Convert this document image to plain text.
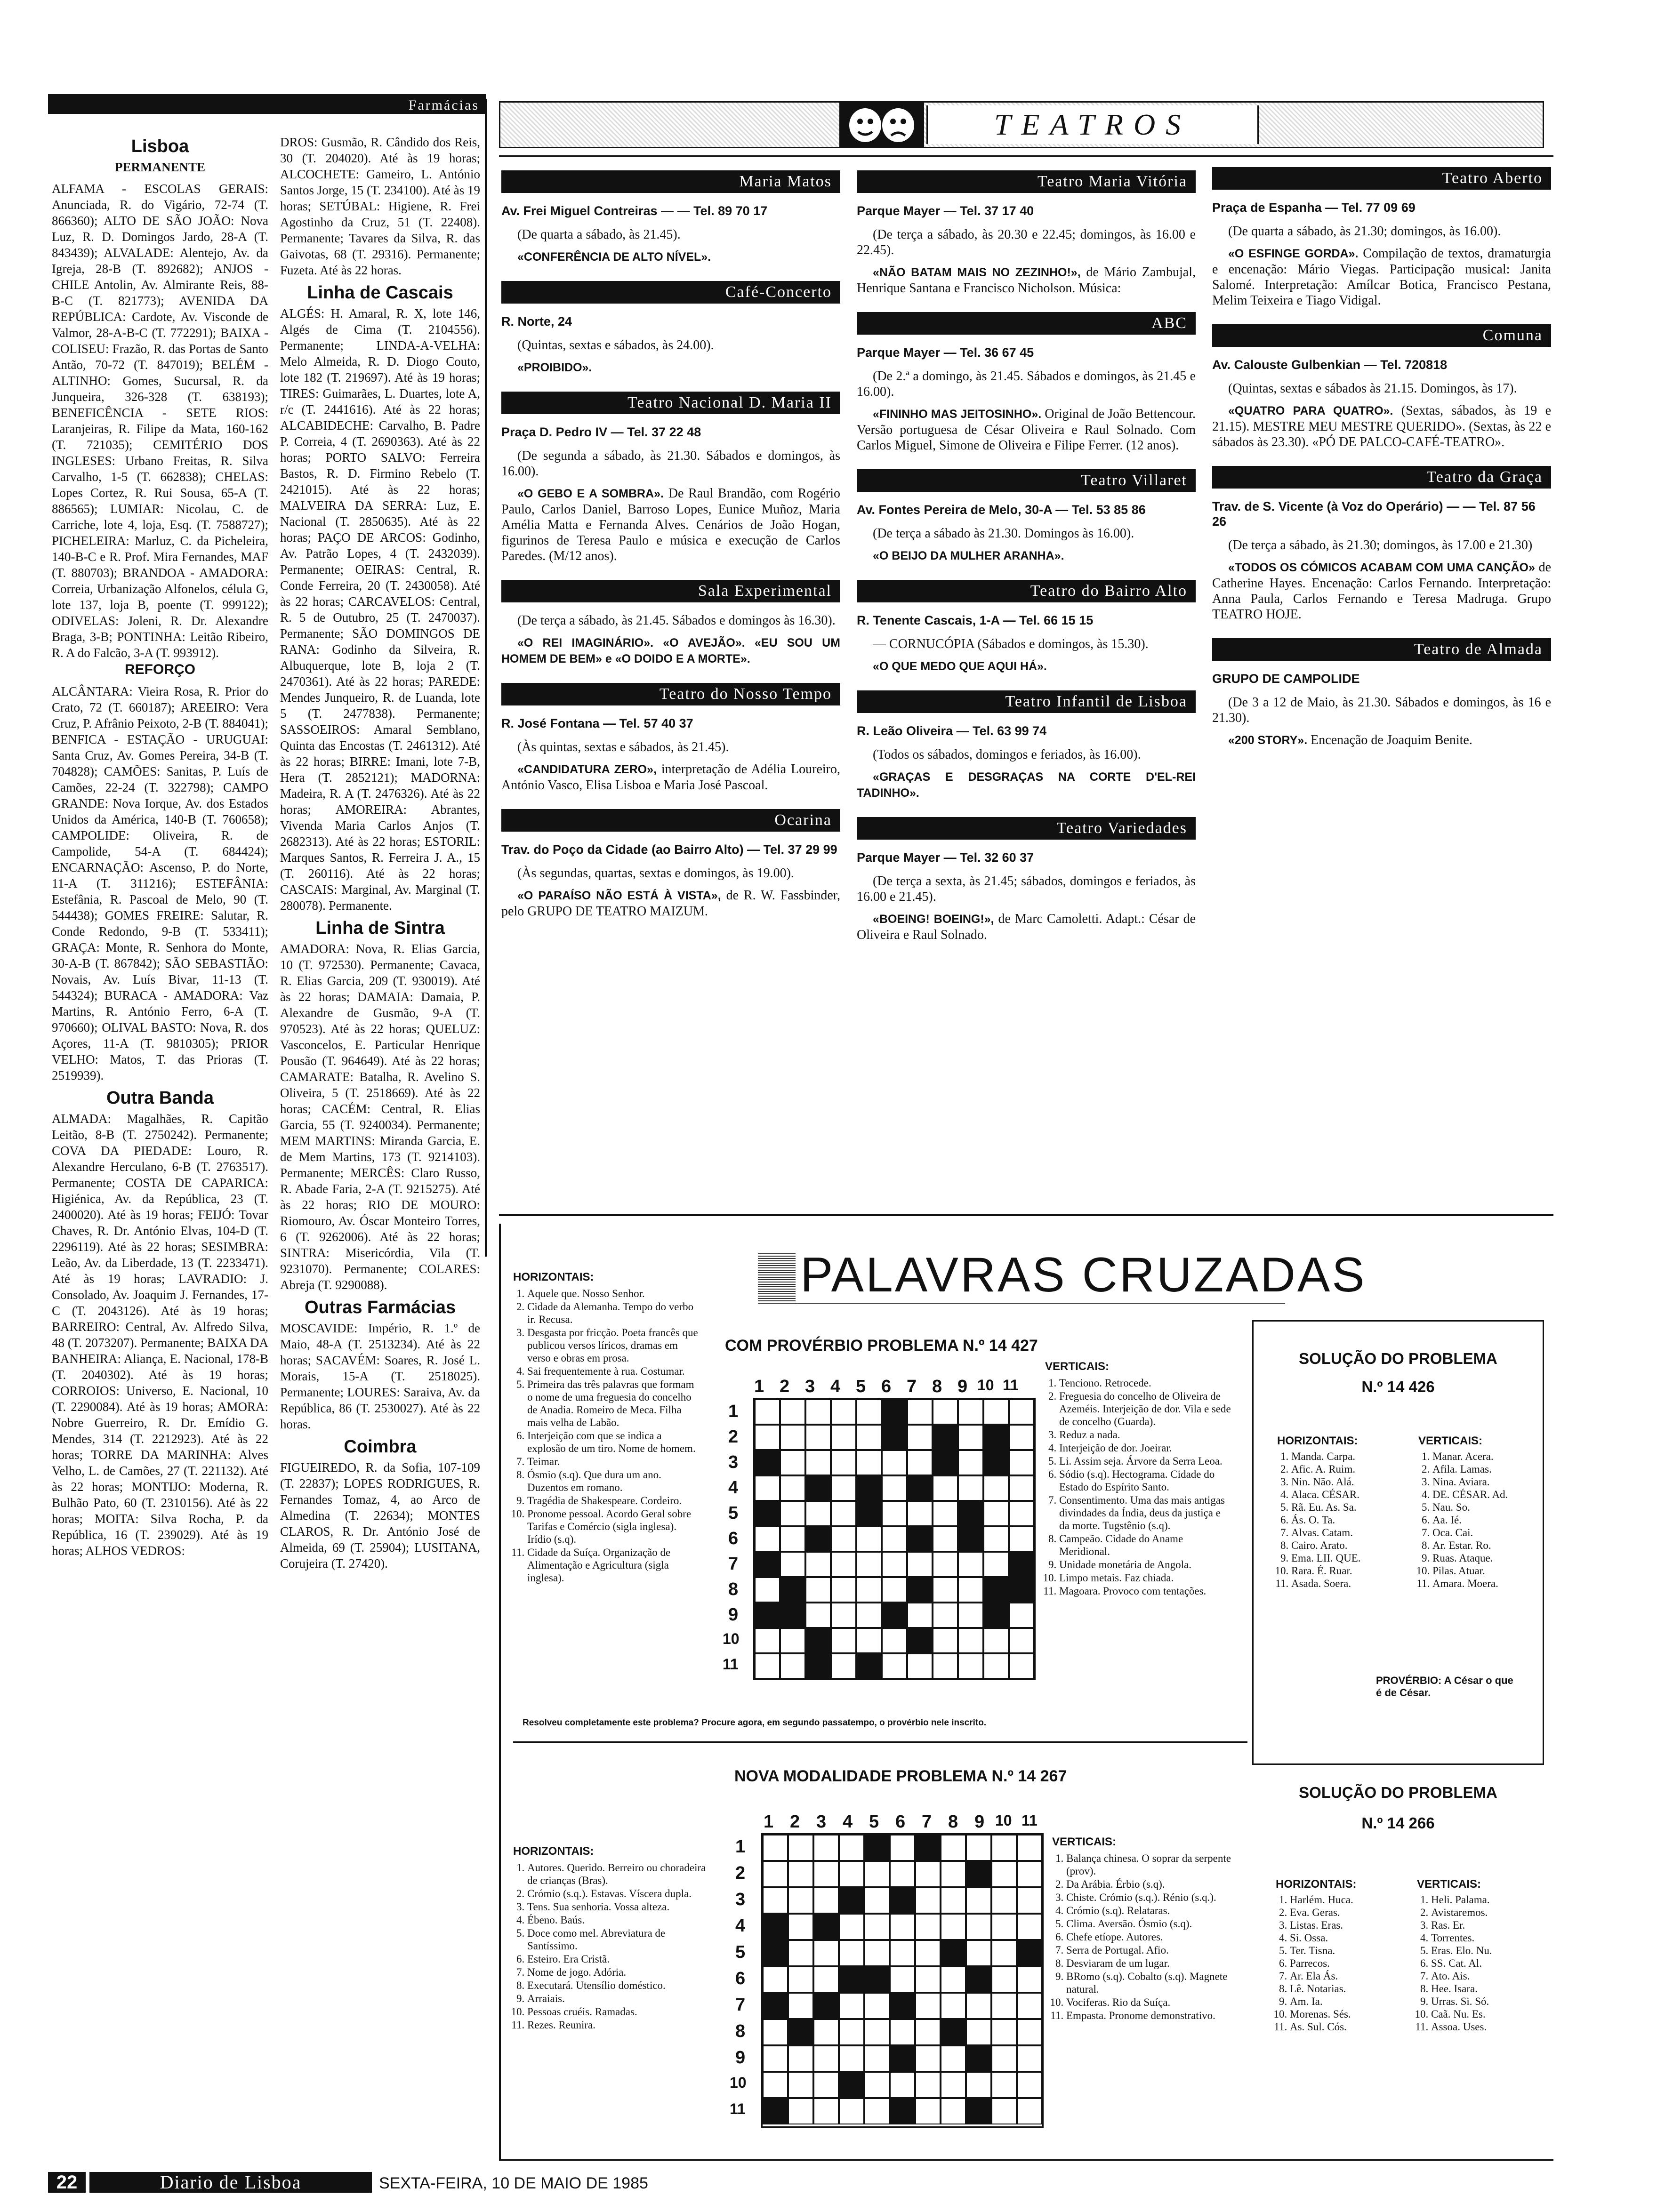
Farmácias
Lisboa
PERMANENTE
ALFAMA - ESCOLAS GERAIS: Anunciada, R. do Vigário, 72-74 (T. 866360); ALTO DE SÃO JOÃO: Nova Luz, R. D. Domingos Jardo, 28-A (T. 843439); ALVALADE: Alentejo, Av. da Igreja, 28-B (T. 892682); ANJOS - CHILE Antolin, Av. Almirante Reis, 88-B-C (T. 821773); AVENIDA DA REPÚBLICA: Cardote, Av. Visconde de Valmor, 28-A-B-C (T. 772291); BAIXA - COLISEU: Frazão, R. das Portas de Santo Antão, 70-72 (T. 847019); BELÉM - ALTINHO: Gomes, Sucursal, R. da Junqueira, 326-328 (T. 638193); BENEFICÊNCIA - SETE RIOS: Laranjeiras, R. Filipe da Mata, 160-162 (T. 721035); CEMITÉRIO DOS INGLESES: Urbano Freitas, R. Silva Carvalho, 1-5 (T. 662838); CHELAS: Lopes Cortez, R. Rui Sousa, 65-A (T. 886565); LUMIAR: Nicolau, C. de Carriche, lote 4, loja, Esq. (T. 7588727); PICHELEIRA: Marluz, C. da Picheleira, 140-B-C e R. Prof. Mira Fernandes, MAF (T. 880703); BRANDOA - AMADORA: Correia, Urbanização Alfonelos, célula G, lote 137, loja B, poente (T. 999122); ODIVELAS: Joleni, R. Dr. Alexandre Braga, 3-B; PONTINHA: Leitão Ribeiro, R. A do Falcão, 3-A (T. 993912).
REFORÇO
ALCÂNTARA: Vieira Rosa, R. Prior do Crato, 72 (T. 660187); AREEIRO: Vera Cruz, P. Afrânio Peixoto, 2-B (T. 884041); BENFICA - ESTAÇÃO - URUGUAI: Santa Cruz, Av. Gomes Pereira, 34-B (T. 704828); CAMÕES: Sanitas, P. Luís de Camões, 22-24 (T. 322798); CAMPO GRANDE: Nova Iorque, Av. dos Estados Unidos da América, 140-B (T. 760658); CAMPOLIDE: Oliveira, R. de Campolide, 54-A (T. 684424); ENCARNAÇÃO: Ascenso, P. do Norte, 11-A (T. 311216); ESTEFÂNIA: Estefânia, R. Pascoal de Melo, 90 (T. 544438); GOMES FREIRE: Salutar, R. Conde Redondo, 9-B (T. 533411); GRAÇA: Monte, R. Senhora do Monte, 30-A-B (T. 867842); SÃO SEBASTIÃO: Novais, Av. Luís Bivar, 11-13 (T. 544324); BURACA - AMADORA: Vaz Martins, R. António Ferro, 6-A (T. 970660); OLIVAL BASTO: Nova, R. dos Açores, 11-A (T. 9810305); PRIOR VELHO: Matos, T. das Prioras (T. 2519939).
Outra Banda
ALMADA: Magalhães, R. Capitão Leitão, 8-B (T. 2750242). Permanente; COVA DA PIEDADE: Louro, R. Alexandre Herculano, 6-B (T. 2763517). Permanente; COSTA DE CAPARICA: Higiénica, Av. da República, 23 (T. 2400020). Até às 19 horas; FEIJÓ: Tovar Chaves, R. Dr. António Elvas, 104-D (T. 2296119). Até às 22 horas; SESIMBRA: Leão, Av. da Liberdade, 13 (T. 2233471). Até às 19 horas; LAVRADIO: J. Consolado, Av. Joaquim J. Fernandes, 17-C (T. 2043126). Até às 19 horas; BARREIRO: Central, Av. Alfredo Silva, 48 (T. 2073207). Permanente; BAIXA DA BANHEIRA: Aliança, E. Nacional, 178-B (T. 2040302). Até às 19 horas; CORROIOS: Universo, E. Nacional, 10 (T. 2290084). Até às 19 horas; AMORA: Nobre Guerreiro, R. Dr. Emídio G. Mendes, 314 (T. 2212923). Até às 22 horas; TORRE DA MARINHA: Alves Velho, L. de Camões, 27 (T. 221132). Até às 22 horas; MONTIJO: Moderna, R. Bulhão Pato, 60 (T. 2310156). Até às 22 horas; MOITA: Silva Rocha, P. da República, 16 (T. 239029). Até às 19 horas; ALHOS VEDROS:
DROS: Gusmão, R. Cândido dos Reis, 30 (T. 204020). Até às 19 horas; ALCOCHETE: Gameiro, L. António Santos Jorge, 15 (T. 234100). Até às 19 horas; SETÚBAL: Higiene, R. Frei Agostinho da Cruz, 51 (T. 22408). Permanente; Tavares da Silva, R. das Gaivotas, 68 (T. 29316). Permanente; Fuzeta. Até às 22 horas.
Linha de Cascais
ALGÉS: H. Amaral, R. X, lote 146, Algés de Cima (T. 2104556). Permanente; LINDA-A-VELHA: Melo Almeida, R. D. Diogo Couto, lote 182 (T. 219697). Até às 19 horas; TIRES: Guimarães, L. Duartes, lote A, r/c (T. 2441616). Até às 22 horas; ALCABIDECHE: Carvalho, B. Padre P. Correia, 4 (T. 2690363). Até às 22 horas; PORTO SALVO: Ferreira Bastos, R. D. Firmino Rebelo (T. 2421015). Até às 22 horas; MALVEIRA DA SERRA: Luz, E. Nacional (T. 2850635). Até às 22 horas; PAÇO DE ARCOS: Godinho, Av. Patrão Lopes, 4 (T. 2432039). Permanente; OEIRAS: Central, R. Conde Ferreira, 20 (T. 2430058). Até às 22 horas; CARCAVELOS: Central, R. 5 de Outubro, 25 (T. 2470037). Permanente; SÃO DOMINGOS DE RANA: Godinho da Silveira, R. Albuquerque, lote B, loja 2 (T. 2470361). Até às 22 horas; PAREDE: Mendes Junqueiro, R. de Luanda, lote 5 (T. 2477838). Permanente; SASSOEIROS: Amaral Semblano, Quinta das Encostas (T. 2461312). Até às 22 horas; BIRRE: Imani, lote 7-B, Hera (T. 2852121); MADORNA: Madeira, R. A (T. 2476326). Até às 22 horas; AMOREIRA: Abrantes, Vivenda Maria Carlos Anjos (T. 2682313). Até às 22 horas; ESTORIL: Marques Santos, R. Ferreira J. A., 15 (T. 260116). Até às 22 horas; CASCAIS: Marginal, Av. Marginal (T. 280078). Permanente.
Linha de Sintra
AMADORA: Nova, R. Elias Garcia, 10 (T. 972530). Permanente; Cavaca, R. Elias Garcia, 209 (T. 930019). Até às 22 horas; DAMAIA: Damaia, P. Alexandre de Gusmão, 9-A (T. 970523). Até às 22 horas; QUELUZ: Vasconcelos, E. Particular Henrique Pousão (T. 964649). Até às 22 horas; CAMARATE: Batalha, R. Avelino S. Oliveira, 5 (T. 2518669). Até às 22 horas; CACÉM: Central, R. Elias Garcia, 55 (T. 9240034). Permanente; MEM MARTINS: Miranda Garcia, E. de Mem Martins, 173 (T. 9214103). Permanente; MERCÊS: Claro Russo, R. Abade Faria, 2-A (T. 9215275). Até às 22 horas; RIO DE MOURO: Riomouro, Av. Óscar Monteiro Torres, 6 (T. 9262006). Até às 22 horas; SINTRA: Misericórdia, Vila (T. 9231070). Permanente; COLARES: Abreja (T. 9290088).
Outras Farmácias
MOSCAVIDE: Império, R. 1.º de Maio, 48-A (T. 2513234). Até às 22 horas; SACAVÉM: Soares, R. José L. Morais, 15-A (T. 2518025). Permanente; LOURES: Saraiva, Av. da República, 86 (T. 2530027). Até às 22 horas.
Coimbra
FIGUEIREDO, R. da Sofia, 107-109 (T. 22837); LOPES RODRIGUES, R. Fernandes Tomaz, 4, ao Arco de Almedina (T. 22634); MONTES CLAROS, R. Dr. António José de Almeida, 69 (T. 25904); LUSITANA, Corujeira (T. 27420).
TEATROS
Maria Matos
Av. Frei Miguel Contreiras — — Tel. 89 70 17

(De quarta a sábado, às 21.45).

«CONFERÊNCIA DE ALTO NÍVEL».

Café-Concerto
R. Norte, 24

(Quintas, sextas e sábados, às 24.00).

«PROIBIDO».

Teatro Nacional D. Maria II
Praça D. Pedro IV — Tel. 37 22 48

(De segunda a sábado, às 21.30. Sábados e domingos, às 16.00).

«O GEBO E A SOMBRA». De Raul Brandão, com Rogério Paulo, Carlos Daniel, Barroso Lopes, Eunice Muñoz, Maria Amélia Matta e Fernanda Alves. Cenários de João Hogan, figurinos de Teresa Paulo e música e execução de Carlos Paredes. (M/12 anos).

Sala Experimental

(De terça a sábado, às 21.45. Sábados e domingos às 16.30).

«O REI IMAGINÁRIO». «O AVEJÃO». «EU SOU UM HOMEM DE BEM» e «O DOIDO E A MORTE».

Teatro do Nosso Tempo
R. José Fontana — Tel. 57 40 37

(Às quintas, sextas e sábados, às 21.45).

«CANDIDATURA ZERO», interpretação de Adélia Loureiro, António Vasco, Elisa Lisboa e Maria José Pascoal.

Ocarina
Trav. do Poço da Cidade (ao Bairro Alto) — Tel. 37 29 99

(Às segundas, quartas, sextas e domingos, às 19.00).

«O PARAÍSO NÃO ESTÁ À VISTA», de R. W. Fassbinder, pelo GRUPO DE TEATRO MAIZUM.

Teatro Maria Vitória
Parque Mayer — Tel. 37 17 40

(De terça a sábado, às 20.30 e 22.45; domingos, às 16.00 e 22.45).

«NÃO BATAM MAIS NO ZEZINHO!», de Mário Zambujal, Henrique Santana e Francisco Nicholson. Música:

ABC
Parque Mayer — Tel. 36 67 45

(De 2.ª a domingo, às 21.45. Sábados e domingos, às 21.45 e 16.00).

«FININHO MAS JEITOSINHO». Original de João Bettencour. Versão portuguesa de César Oliveira e Raul Solnado. Com Carlos Miguel, Simone de Oliveira e Filipe Ferrer. (12 anos).

Teatro Villaret
Av. Fontes Pereira de Melo, 30-A — Tel. 53 85 86

(De terça a sábado às 21.30. Domingos às 16.00).

«O BEIJO DA MULHER ARANHA».

Teatro do Bairro Alto
R. Tenente Cascais, 1-A — Tel. 66 15 15

— CORNUCÓPIA (Sábados e domingos, às 15.30).

«O QUE MEDO QUE AQUI HÁ».

Teatro Infantil de Lisboa
R. Leão Oliveira — Tel. 63 99 74

(Todos os sábados, domingos e feriados, às 16.00).

«GRAÇAS E DESGRAÇAS NA CORTE D'EL-REI TADINHO».

Teatro Variedades
Parque Mayer — Tel. 32 60 37

(De terça a sexta, às 21.45; sábados, domingos e feriados, às 16.00 e 21.45).

«BOEING! BOEING!», de Marc Camoletti. Adapt.: César de Oliveira e Raul Solnado.

Teatro Aberto
Praça de Espanha — Tel. 77 09 69

(De quarta a sábado, às 21.30; domingos, às 16.00).

«O ESFINGE GORDA». Compilação de textos, dramaturgia e encenação: Mário Viegas. Participação musical: Janita Salomé. Interpretação: Amílcar Botica, Francisco Pestana, Melim Teixeira e Tiago Vidigal.

Comuna
Av. Calouste Gulbenkian — Tel. 720818

(Quintas, sextas e sábados às 21.15. Domingos, às 17).

«QUATRO PARA QUATRO». (Sextas, sábados, às 19 e 21.15). MESTRE MEU MESTRE QUERIDO». (Sextas, às 22 e sábados às 23.30). «PÓ DE PALCO-CAFÉ-TEATRO».

Teatro da Graça
Trav. de S. Vicente (à Voz do Operário) — — Tel. 87 56 26

(De terça a sábado, às 21.30; domingos, às 17.00 e 21.30)

«TODOS OS CÓMICOS ACABAM COM UMA CANÇÃO» de Catherine Hayes. Encenação: Carlos Fernando. Interpretação: Anna Paula, Carlos Fernando e Teresa Madruga. Grupo TEATRO HOJE.

Teatro de Almada
GRUPO DE CAMPOLIDE

(De 3 a 12 de Maio, às 21.30. Sábados e domingos, às 16 e 21.30).

«200 STORY». Encenação de Joaquim Benite.

PALAVRAS CRUZADAS
HORIZONTAIS:
1. Aquele que. Nosso Senhor.
2. Cidade da Alemanha. Tempo do verbo ir. Recusa.
3. Desgasta por fricção. Poeta francês que publicou versos líricos, dramas em verso e obras em prosa.
4. Sai frequentemente à rua. Costumar.
5. Primeira das três palavras que formam o nome de uma freguesia do concelho de Anadia. Romeiro de Meca. Filha mais velha de Labão.
6. Interjeição com que se indica a explosão de um tiro. Nome de homem.
7. Teimar.
8. Ósmio (s.q). Que dura um ano. Duzentos em romano.
9. Tragédia de Shakespeare. Cordeiro.
10. Pronome pessoal. Acordo Geral sobre Tarifas e Comércio (sigla inglesa). Irídio (s.q).
11. Cidade da Suíça. Organização de Alimentação e Agricultura (sigla inglesa).
COM PROVÉRBIO PROBLEMA N.º 14 427
1 2 3 4 5 6 7 8 9 10 11
1
2
3
4
5
6
7
8
9
10
11
VERTICAIS:
1. Tenciono. Retrocede.
2. Freguesia do concelho de Oliveira de Azeméis. Interjeição de dor. Vila e sede de concelho (Guarda).
3. Reduz a nada.
4. Interjeição de dor. Joeirar.
5. Li. Assim seja. Árvore da Serra Leoa.
6. Sódio (s.q). Hectograma. Cidade do Estado do Espírito Santo.
7. Consentimento. Uma das mais antigas divindades da Índia, deus da justiça e da morte. Tugstênio (s.q).
8. Campeão. Cidade do Aname Meridional.
9. Unidade monetária de Angola.
10. Limpo metais. Faz chiada.
11. Magoara. Provoco com tentações.
Resolveu completamente este problema? Procure agora, em segundo passatempo, o provérbio nele inscrito.
SOLUÇÃO DO PROBLEMA
N.º 14 426
HORIZONTAIS:
1. Manda. Carpa.
2. Afic. A. Ruim.
3. Nin. Não. Alá.
4. Alaca. CÉSAR.
5. Rã. Eu. As. Sa.
6. Ás. O. Ta.
7. Alvas. Catam.
8. Cairo. Arato.
9. Ema. LII. QUE.
10. Rara. É. Ruar.
11. Asada. Soera.
VERTICAIS:
1. Manar. Acera.
2. Afila. Lamas.
3. Nina. Aviara.
4. DE. CÉSAR. Ad.
5. Nau. So.
6. Aa. Ié.
7. Oca. Cai.
8. Ar. Estar. Ro.
9. Ruas. Ataque.
10. Pilas. Atuar.
11. Amara. Moera.
PROVÉRBIO: A César o que é de César.
NOVA MODALIDADE PROBLEMA N.º 14 267
HORIZONTAIS:
1. Autores. Querido. Berreiro ou choradeira de crianças (Bras).
2. Crómio (s.q.). Estavas. Víscera dupla.
3. Tens. Sua senhoria. Vossa alteza.
4. Ébeno. Baús.
5. Doce como mel. Abreviatura de Santíssimo.
6. Esteiro. Era Cristã.
7. Nome de jogo. Adória.
8. Executará. Utensílio doméstico.
9. Arraiais.
10. Pessoas cruéis. Ramadas.
11. Rezes. Reunira.
1 2 3 4 5 6 7 8 9 10 11
1
2
3
4
5
6
7
8
9
10
11
VERTICAIS:
1. Balança chinesa. O soprar da serpente (prov).
2. Da Arábia. Érbio (s.q).
3. Chiste. Crómio (s.q.). Rénio (s.q.).
4. Crómio (s.q). Relataras.
5. Clima. Aversão. Ósmio (s.q).
6. Chefe etíope. Autores.
7. Serra de Portugal. Afio.
8. Desviaram de um lugar.
9. BRomo (s.q). Cobalto (s.q). Magnete natural.
10. Vociferas. Rio da Suíça.
11. Empasta. Pronome demonstrativo.
SOLUÇÃO DO PROBLEMA
N.º 14 266
HORIZONTAIS:
1. Harlém. Huca.
2. Eva. Geras.
3. Listas. Eras.
4. Si. Ossa.
5. Ter. Tisna.
6. Parrecos.
7. Ar. Ela Ás.
8. Lê. Notarias.
9. Am. Ia.
10. Morenas. Sés.
11. As. Sul. Cós.
VERTICAIS:
1. Heli. Palama.
2. Avistaremos.
3. Ras. Er.
4. Torrentes.
5. Eras. Elo. Nu.
6. SS. Cat. Al.
7. Ato. Ais.
8. Hee. Isara.
9. Urras. Si. Só.
10. Caã. Nu. Es.
11. Assoa. Uses.
22	Diario de Lisboa	SEXTA-FEIRA, 10 DE MAIO DE 1985
